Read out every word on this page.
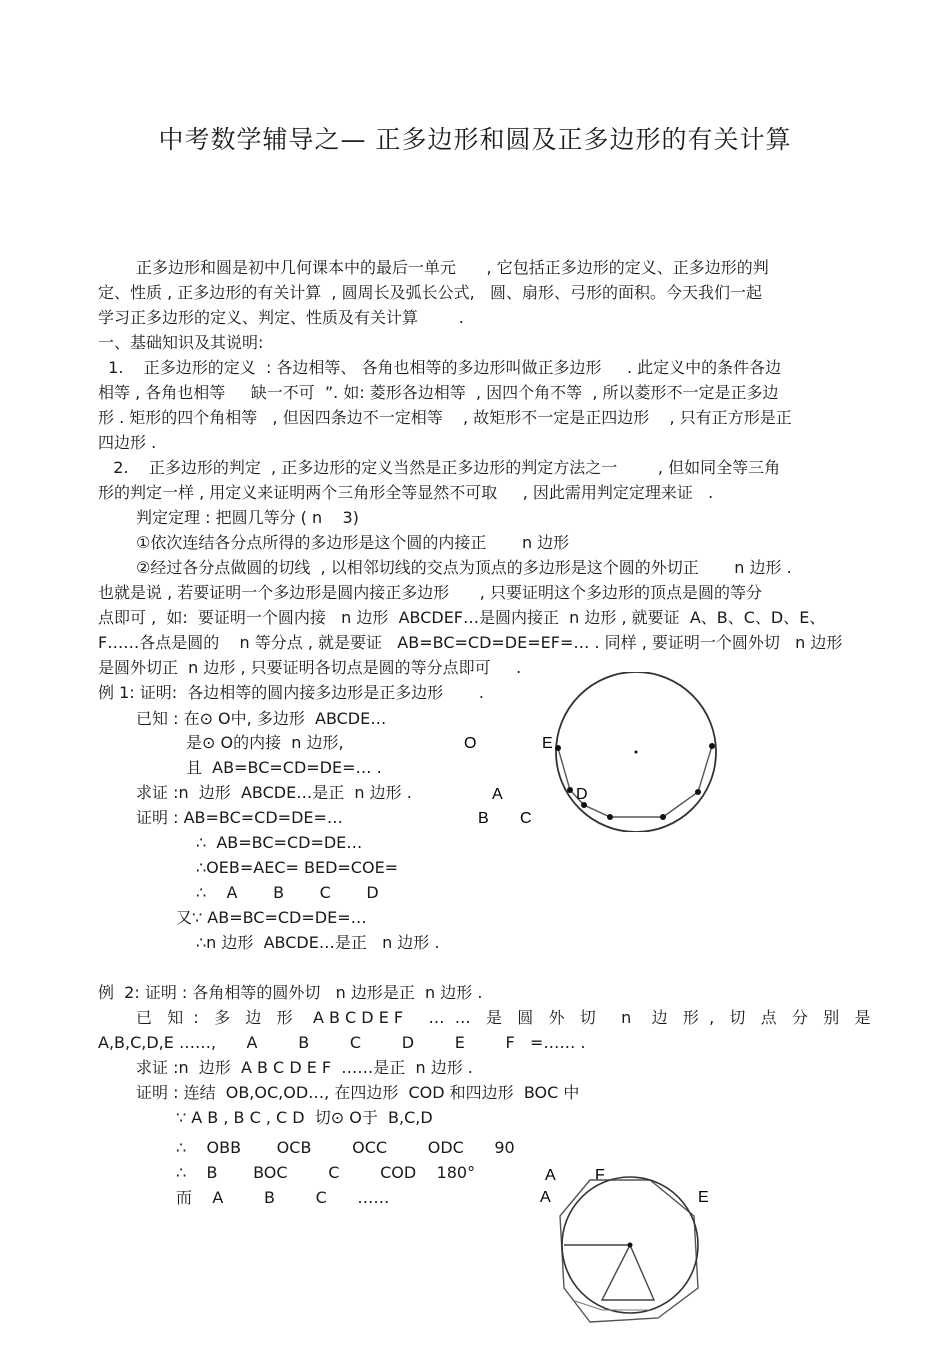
中考数学辅导之— 正多边形和圆及正多边形的有关计算
正多边形和圆是初中几何课本中的最后一单元      , 它包括正多边形的定义、正多边形的判
定、性质 , 正多边形的有关计算  , 圆周长及弧长公式,   圆、扇形、弓形的面积。今天我们一起
学习正多边形的定义、判定、性质及有关计算        .
一、基础知识及其说明:
1.    正多边形的定义  : 各边相等、 各角也相等的多边形叫做正多边形     . 此定义中的条件各边
相等 , 各角也相等     缺一不可  ”. 如: 菱形各边相等  , 因四个角不等  , 所以菱形不一定是正多边
形 . 矩形的四个角相等   , 但因四条边不一定相等    , 故矩形不一定是正四边形    , 只有正方形是正
四边形 .
2.    正多边形的判定  , 正多边形的定义当然是正多边形的判定方法之一        , 但如同全等三角
形的判定一样 , 用定义来证明两个三角形全等显然不可取     , 因此需用判定定理来证   .
判定定理 : 把圆几等分 ( n    3)
①依次连结各分点所得的多边形是这个圆的内接正       n 边形
②经过各分点做圆的切线  , 以相邻切线的交点为顶点的多边形是这个圆的外切正       n 边形 .
也就是说 , 若要证明一个多边形是圆内接正多边形      , 只要证明这个多边形的顶点是圆的等分
点即可 ,  如:  要证明一个圆内接   n 边形  ABCDEF…是圆内接正  n 边形 , 就要证  A、B、C、D、E、
F……各点是圆的    n 等分点 , 就是要证   AB=BC=CD=DE=EF=… . 同样 , 要证明一个圆外切   n 边形
是圆外切正  n 边形 , 只要证明各切点是圆的等分点即可     .
例 1: 证明:  各边相等的圆内接多边形是正多边形       .
已知 : 在⊙ O中, 多边形  ABCDE…
是⊙ O的内接  n 边形,
且  AB=BC=CD=DE=… .
求证 :n  边形  ABCDE…是正  n 边形 .
证明 : AB=BC=CD=DE=…
∴  AB=BC=CD=DE…
∴OEB=AEC= BED=COE=
∴    A       B       C       D
又∵ AB=BC=CD=DE=…
∴n 边形  ABCDE…是正   n 边形 .
O	E
A	D
B C
例  2: 证明 : 各角相等的圆外切   n 边形是正  n 边形 .
已   知  :   多   边   形    A B C D E F     …  …   是   圆   外   切     n    边   形  ,   切   点   分   别   是
A,B,C,D,E ……,      A        B        C        D        E        F   =…… .
求证 :n  边形  A B C D E F  ……是正  n 边形 .
证明 : 连结  OB,OC,OD…, 在四边形  COD 和四边形  BOC 中
∵ A B , B C , C D  切⊙ O于  B,C,D
∴    OBB       OCB        OCC        ODC      90
∴    B       BOC        C        COD    180°
而    A        B        C      ……
A F
A	E
